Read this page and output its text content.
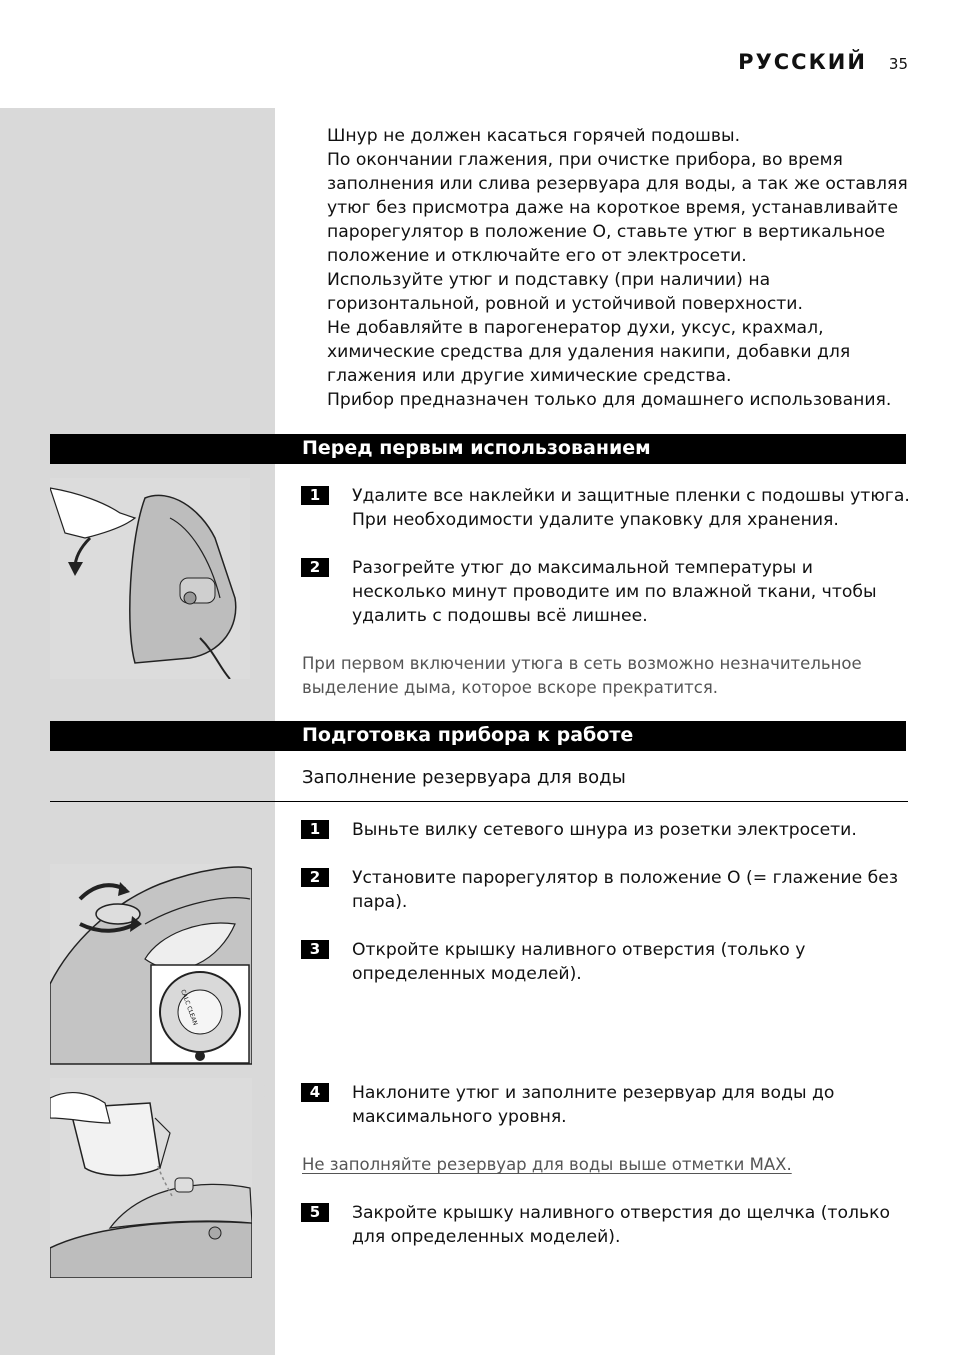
РУССКИЙ 35

Шнур не должен касаться горячей подошвы.

По окончании глажения, при очистке прибора, во время заполнения или слива резервуара для воды, а так же оставляя утюг без присмотра даже на короткое время, устанавливайте парорегулятор в положение O, ставьте утюг в вертикальное положение и отключайте его от электросети.

Используйте утюг и подставку (при наличии) на горизонтальной, ровной и устойчивой поверхности.

Не добавляйте в парогенератор духи, уксус, крахмал, химические средства для удаления накипи, добавки для глажения или другие химические средства.

Прибор предназначен только для домашнего использования.

Перед первым использованием
1	Удалите все наклейки и защитные пленки с подошвы утюга. При необходимости удалите упаковку для хранения.
2	Разогрейте утюг до максимальной температуры и несколько минут проводите им по влажной ткани, чтобы удалить с подошвы всё лишнее.
При первом включении утюга в сеть возможно незначительное выделение дыма, которое вскоре прекратится.
Подготовка прибора к работе
Заполнение резервуара для воды
1	Выньте вилку сетевого шнура из розетки электросети.
2	Установите парорегулятор в положение O (= глажение без пара).
3	Откройте крышку наливного отверстия (только у определенных моделей).
CALC CLEAN
4	Наклоните утюг и заполните резервуар для воды до максимального уровня.
Не заполняйте резервуар для воды выше отметки MAX.
5	Закройте крышку наливного отверстия до щелчка (только для определенных моделей).
